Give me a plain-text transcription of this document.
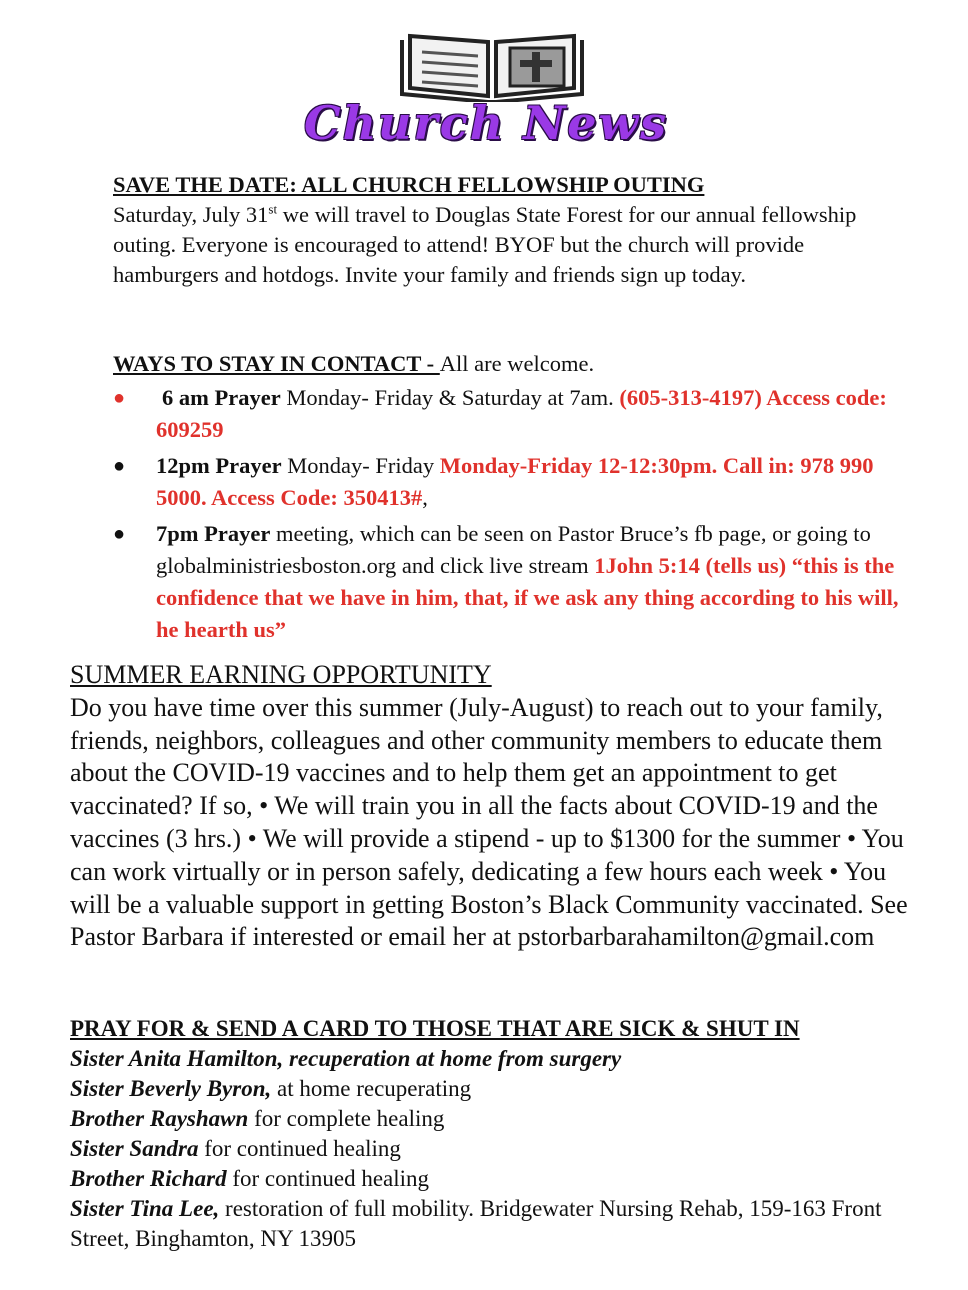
Church News
SAVE THE DATE: ALL CHURCH FELLOWSHIP OUTING
Saturday, July 31st we will travel to Douglas State Forest for our annual fellowship outing. Everyone is encouraged to attend! BYOF but the church will provide hamburgers and hotdogs. Invite your family and friends sign up today.
WAYS TO STAY IN CONTACT - All are welcome.
● 6 am Prayer Monday- Friday & Saturday at 7am. (605-313-4197) Access code: 609259
● 12pm Prayer Monday- Friday Monday-Friday 12-12:30pm. Call in: 978 990 5000. Access Code: 350413#,
● 7pm Prayer meeting, which can be seen on Pastor Bruce’s fb page, or going to globalministriesboston.org and click live stream 1John 5:14 (tells us) “this is the confidence that we have in him, that, if we ask any thing according to his will, he hearth us”
SUMMER EARNING OPPORTUNITY
Do you have time over this summer (July-August) to reach out to your family, friends, neighbors, colleagues and other community members to educate them about the COVID-19 vaccines and to help them get an appointment to get vaccinated? If so, • We will train you in all the facts about COVID-19 and the vaccines (3 hrs.) • We will provide a stipend - up to $1300 for the summer • You can work virtually or in person safely, dedicating a few hours each week • You will be a valuable support in getting Boston’s Black Community vaccinated. See Pastor Barbara if interested or email her at pstorbarbarahamilton@gmail.com
PRAY FOR & SEND A CARD TO THOSE THAT ARE SICK & SHUT IN
Sister Anita Hamilton, recuperation at home from surgery
Sister Beverly Byron, at home recuperating
Brother Rayshawn for complete healing
Sister Sandra for continued healing
Brother Richard for continued healing
Sister Tina Lee, restoration of full mobility. Bridgewater Nursing Rehab, 159-163 Front Street, Binghamton, NY 13905
